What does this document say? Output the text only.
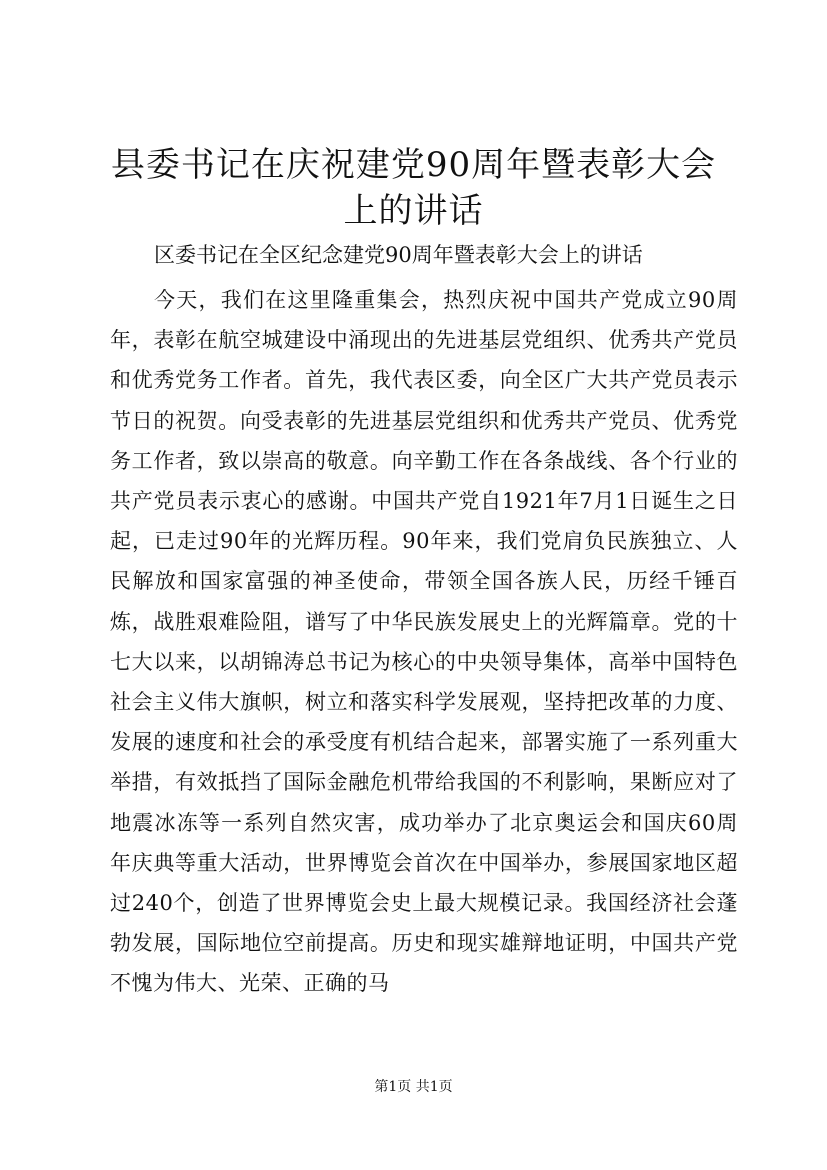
县委书记在庆祝建党90周年暨表彰大会上的讲话

区委书记在全区纪念建党90周年暨表彰大会上的讲话

今天，我们在这里隆重集会，热烈庆祝中国共产党成立90周年，表彰在航空城建设中涌现出的先进基层党组织、优秀共产党员和优秀党务工作者。首先，我代表区委，向全区广大共产党员表示节日的祝贺。向受表彰的先进基层党组织和优秀共产党员、优秀党务工作者，致以崇高的敬意。向辛勤工作在各条战线、各个行业的共产党员表示衷心的感谢。中国共产党自1921年7月1日诞生之日起，已走过90年的光辉历程。90年来，我们党肩负民族独立、人民解放和国家富强的神圣使命，带领全国各族人民，历经千锤百炼，战胜艰难险阻，谱写了中华民族发展史上的光辉篇章。党的十七大以来，以胡锦涛总书记为核心的中央领导集体，高举中国特色社会主义伟大旗帜，树立和落实科学发展观，坚持把改革的力度、发展的速度和社会的承受度有机结合起来，部署实施了一系列重大举措，有效抵挡了国际金融危机带给我国的不利影响，果断应对了地震冰冻等一系列自然灾害，成功举办了北京奥运会和国庆60周年庆典等重大活动，世界博览会首次在中国举办，参展国家地区超过240个，创造了世界博览会史上最大规模记录。我国经济社会蓬勃发展，国际地位空前提高。历史和现实雄辩地证明，中国共产党不愧为伟大、光荣、正确的马

第1页 共1页
